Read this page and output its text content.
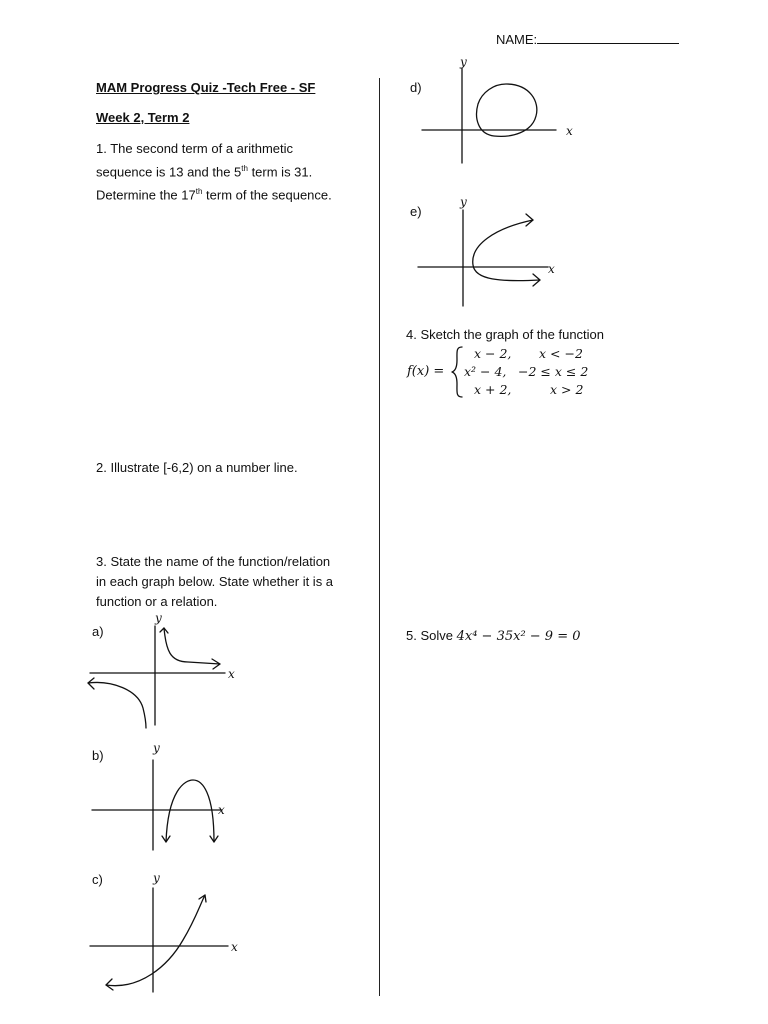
NAME:
MAM Progress Quiz -Tech Free - SF
Week 2, Term 2
1. The second term of a arithmetic
sequence is 13 and the 5th term is 31.
Determine the 17th term of the sequence.
2. Illustrate [-6,2) on a number line.
3. State the name of the function/relation
in each graph below. State whether it is a
function or a relation.
a)
y
x
b)	y
x
c)	y
x
d)
y
x
e)
y
x
4. Sketch the graph of the function
f(x) =
x − 2, x < −2
x² − 4, −2 ≤ x ≤ 2
x + 2,	x > 2
5. Solve 4x⁴ − 35x² − 9 = 0
